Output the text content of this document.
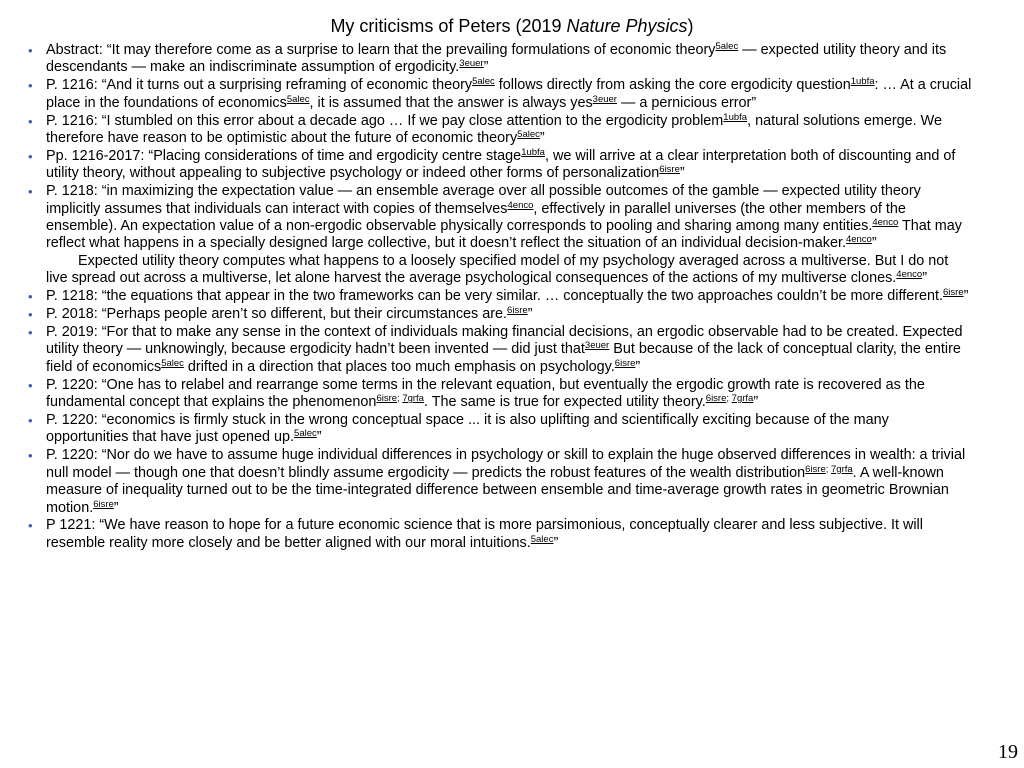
My criticisms of Peters (2019 Nature Physics)
• Abstract: “It may therefore come as a surprise to learn that the prevailing formulations of economic theory$^{5alec}$ — expected utility theory and its descendants — make an indiscriminate assumption of ergodicity.$^{3euer}$”
• P. 1216: “And it turns out a surprising reframing of economic theory$^{5alec}$ follows directly from asking the core ergodicity question$^{1ubfa}$: … At a crucial place in the foundations of economics$^{5alec}$, it is assumed that the answer is always yes$^{3euer}$ — a pernicious error”
• P. 1216: “I stumbled on this error about a decade ago … If we pay close attention to the ergodicity problem$^{1ubfa}$, natural solutions emerge. We therefore have reason to be optimistic about the future of economic theory$^{5alec}$”
• Pp. 1216-2017: “Placing considerations of time and ergodicity centre stage$^{1ubfa}$, we will arrive at a clear interpretation both of discounting and of utility theory, without appealing to subjective psychology or indeed other forms of personalization$^{6isre}$”
• P. 1218: “in maximizing the expectation value — an ensemble average over all possible outcomes of the gamble — expected utility theory implicitly assumes that individuals can interact with copies of themselves$^{4enco}$, effectively in parallel universes (the other members of the ensemble). An expectation value of a non-ergodic observable physically corresponds to pooling and sharing among many entities.$^{4enco}$ That may reflect what happens in a specially designed large collective, but it doesn’t reflect the situation of an individual decision-maker.$^{4enco}$”
Expected utility theory computes what happens to a loosely specified model of my psychology averaged across a multiverse. But I do not live spread out across a multiverse, let alone harvest the average psychological consequences of the actions of my multiverse clones.$^{4enco}$”
• P. 1218: “the equations that appear in the two frameworks can be very similar. … conceptually the two approaches couldn’t be more different.$^{6isre}$”
• P. 2018: “Perhaps people aren’t so different, but their circumstances are.$^{6isre}$”
• P. 2019: “For that to make any sense in the context of individuals making financial decisions, an ergodic observable had to be created. Expected utility theory — unknowingly, because ergodicity hadn’t been invented — did just that$^{3euer}$ But because of the lack of conceptual clarity, the entire field of economics$^{5alec}$ drifted in a direction that places too much emphasis on psychology.$^{6isre}$”
• P. 1220: “One has to relabel and rearrange some terms in the relevant equation, but eventually the ergodic growth rate is recovered as the fundamental concept that explains the phenomenon$^{6isre;}$ $^{7grfa}$. The same is true for expected utility theory.$^{6isre;}$ $^{7grfa}$”
• P. 1220: “economics is firmly stuck in the wrong conceptual space ... it is also uplifting and scientifically exciting because of the many opportunities that have just opened up.$^{5alec}$”
• P. 1220: “Nor do we have to assume huge individual differences in psychology or skill to explain the huge observed differences in wealth: a trivial null model — though one that doesn’t blindly assume ergodicity — predicts the robust features of the wealth distribution$^{6isre;}$ $^{7grfa}$. A well-known measure of inequality turned out to be the time-integrated difference between ensemble and time-average growth rates in geometric Brownian motion.$^{6isre}$”
• P 1221: “We have reason to hope for a future economic science that is more parsimonious, conceptually clearer and less subjective. It will resemble reality more closely and be better aligned with our moral intuitions.$^{5alec}$”
19
